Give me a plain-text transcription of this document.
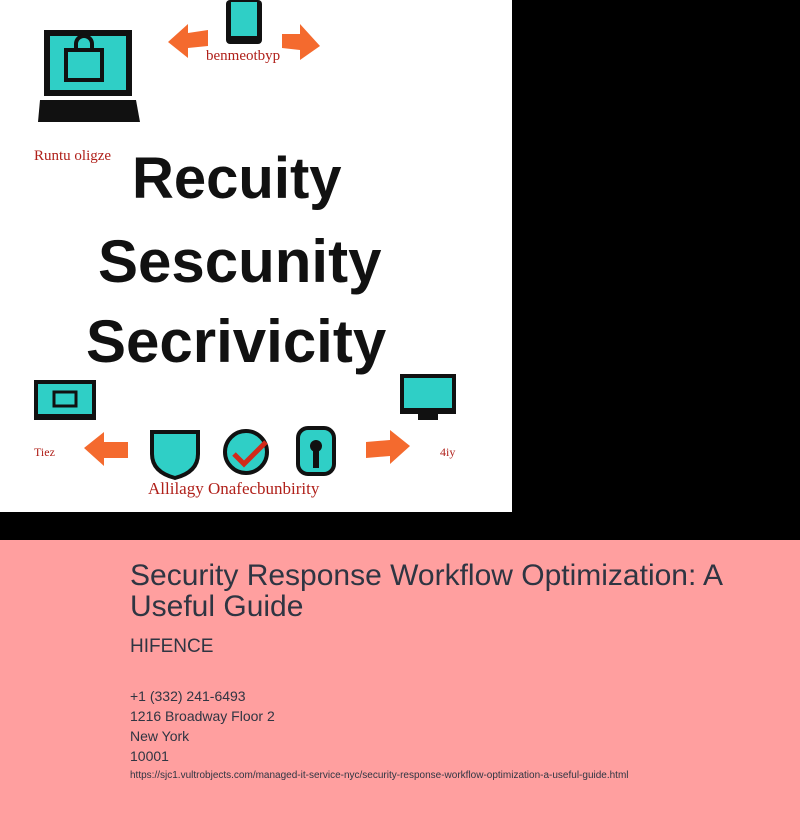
benmeotbyp
Runtu oligze Recuity
Sescunity
Secrivicity
Tiez	4iy
Allilagy Onafecbunbirity
Security Response Workflow Optimization: A Useful Guide
HIFENCE
+1 (332) 241-6493
1216 Broadway Floor 2
New York
10001
https://sjc1.vultrobjects.com/managed-it-service-nyc/security-response-workflow-optimization-a-useful-guide.html
